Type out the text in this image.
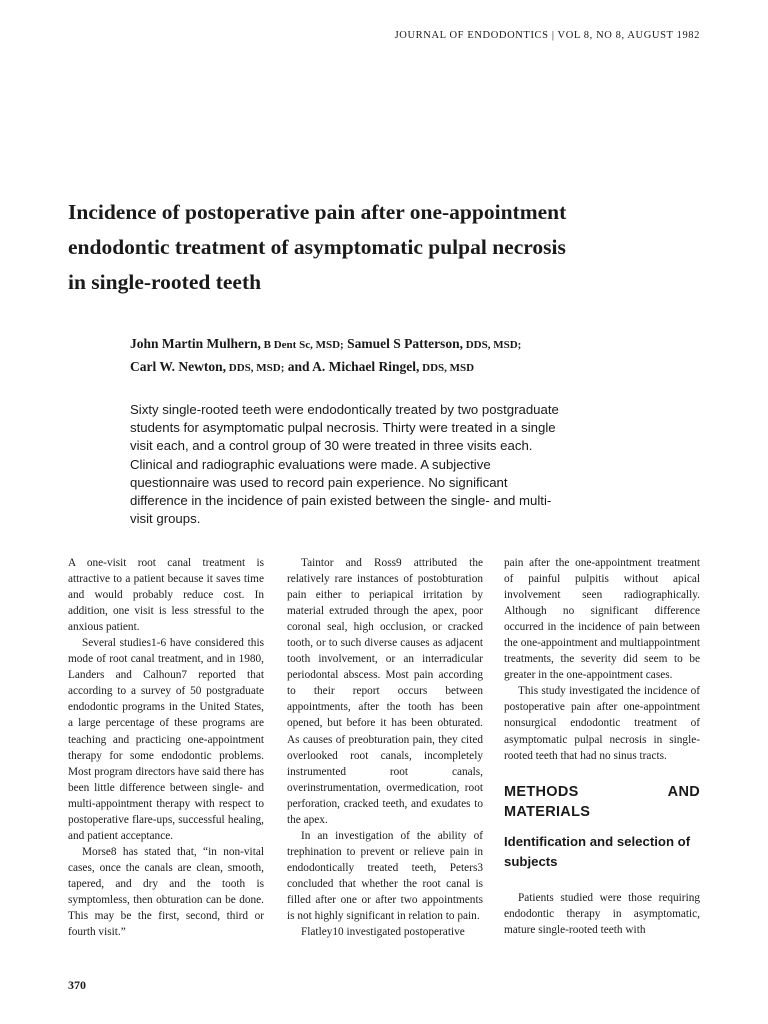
JOURNAL OF ENDODONTICS | VOL 8, NO 8, AUGUST 1982
Incidence of postoperative pain after one-appointment
endodontic treatment of asymptomatic pulpal necrosis
in single-rooted teeth
John Martin Mulhern, B Dent Sc, MSD; Samuel S Patterson, DDS, MSD;
Carl W. Newton, DDS, MSD; and A. Michael Ringel, DDS, MSD

Sixty single-rooted teeth were endodontically treated by two postgraduate students for asymptomatic pulpal necrosis. Thirty were treated in a single visit each, and a control group of 30 were treated in three visits each. Clinical and radiographic evaluations were made. A subjective questionnaire was used to record pain experience. No significant difference in the incidence of pain existed between the single- and multi-visit groups.

A one-visit root canal treatment is attractive to a patient because it saves time and would probably reduce cost. In addition, one visit is less stressful to the anxious patient.

Several studies1-6 have considered this mode of root canal treatment, and in 1980, Landers and Calhoun7 reported that according to a survey of 50 postgraduate endodontic programs in the United States, a large percentage of these programs are teaching and practicing one-appointment therapy for some endodontic problems. Most program directors have said there has been little difference between single- and multi-appointment therapy with respect to postoperative flare-ups, successful healing, and patient acceptance.

Morse8 has stated that, “in non-vital cases, once the canals are clean, smooth, tapered, and dry and the tooth is symptomless, then obturation can be done. This may be the first, second, third or fourth visit.”

Taintor and Ross9 attributed the relatively rare instances of postobturation pain either to periapical irritation by material extruded through the apex, poor coronal seal, high occlusion, or cracked tooth, or to such diverse causes as adjacent tooth involvement, or an interradicular periodontal abscess. Most pain according to their report occurs between appointments, after the tooth has been opened, but before it has been obturated. As causes of preobturation pain, they cited overlooked root canals, incompletely instrumented root canals, overinstrumentation, overmedication, root perforation, cracked teeth, and exudates to the apex.

In an investigation of the ability of trephination to prevent or relieve pain in endodontically treated teeth, Peters3 concluded that whether the root canal is filled after one or after two appointments is not highly significant in relation to pain.

Flatley10 investigated postoperative

pain after the one-appointment treatment of painful pulpitis without apical involvement seen radiographically. Although no significant difference occurred in the incidence of pain between the one-appointment and multiappointment treatments, the severity did seem to be greater in the one-appointment cases.

This study investigated the incidence of postoperative pain after one-appointment nonsurgical endodontic treatment of asymptomatic pulpal necrosis in single-rooted teeth that had no sinus tracts.

METHODS AND MATERIALS
Identification and selection of subjects

Patients studied were those requiring endodontic therapy in asymptomatic, mature single-rooted teeth with

370
